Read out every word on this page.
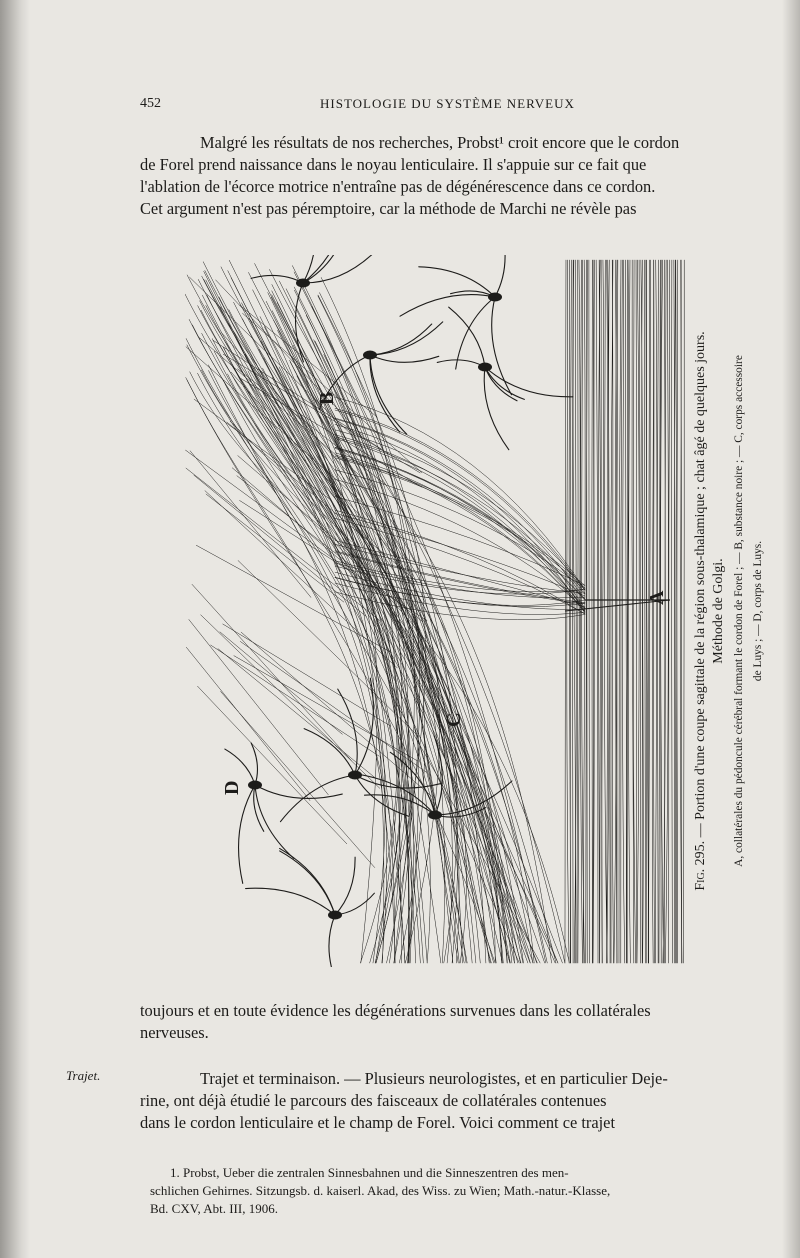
452	HISTOLOGIE DU SYSTÈME NERVEUX
Malgré les résultats de nos recherches, Probst¹ croit encore que le cordon
de Forel prend naissance dans le noyau lenticulaire. Il s'appuie sur ce fait que
l'ablation de l'écorce motrice n'entraîne pas de dégénérescence dans ce cordon.
Cet argument n'est pas péremptoire, car la méthode de Marchi ne révèle pas
B
A
C
D
Fig. 295. — Portion d'une coupe sagittale de la région sous-thalamique ; chat âgé de quelques jours. Méthode de Golgi. A, collatérales du pédoncule cérébral formant le cordon de Forel ; — B, substance noire ; — C, corps accessoire de Luys ; — D, corps de Luys.
toujours et en toute évidence les dégénérations survenues dans les collatérales
nerveuses.
Trajet.	Trajet et terminaison. — Plusieurs neurologistes, et en particulier Deje-
rine, ont déjà étudié le parcours des faisceaux de collatérales contenues
dans le cordon lenticulaire et le champ de Forel. Voici comment ce trajet
1. Probst, Ueber die zentralen Sinnesbahnen und die Sinneszentren des men-
schlichen Gehirnes. Sitzungsb. d. kaiserl. Akad, des Wiss. zu Wien; Math.-natur.-Klasse,
Bd. CXV, Abt. III, 1906.
